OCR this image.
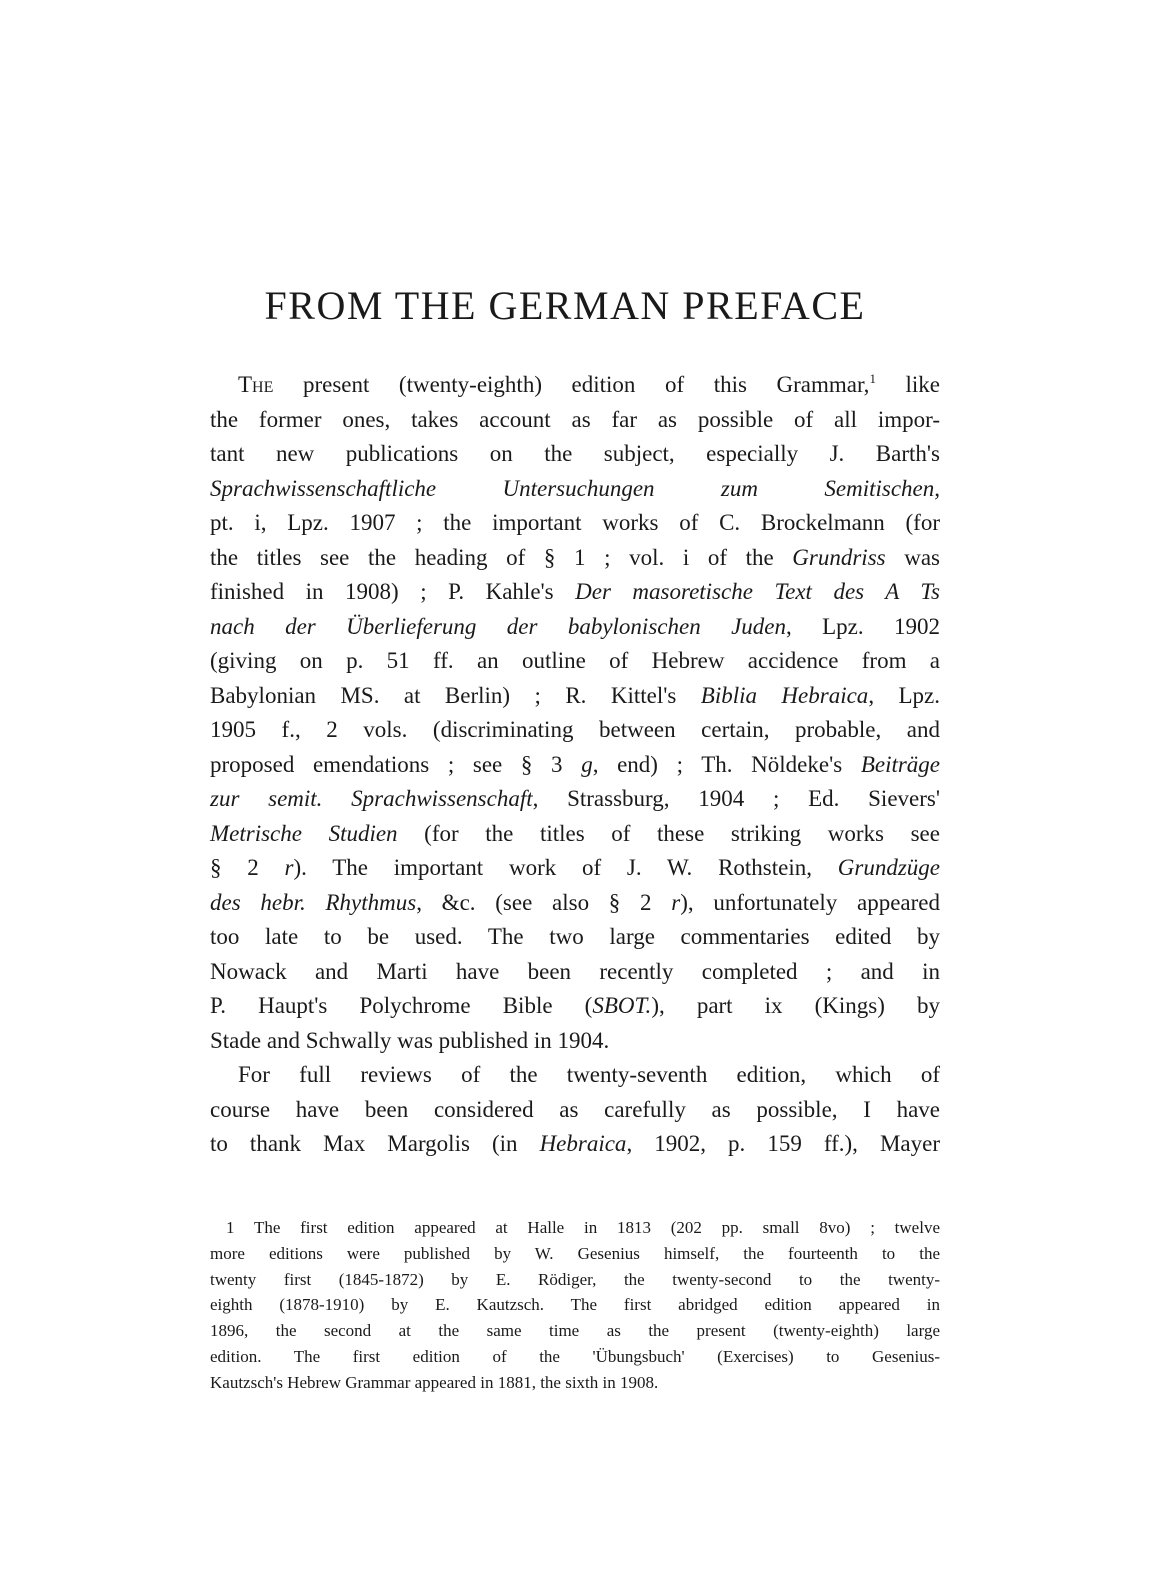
FROM THE GERMAN PREFACE
The present (twenty-eighth) edition of this Grammar,$^1$ like
the former ones, takes account as far as possible of all impor-
tant new publications on the subject, especially J. Barth's
Sprachwissenschaftliche Untersuchungen zum Semitischen,
pt. i, Lpz. 1907 ; the important works of C. Brockelmann (for
the titles see the heading of § 1 ; vol. i of the Grundriss was
finished in 1908) ; P. Kahle's Der masoretische Text des A Ts
nach der Überlieferung der babylonischen Juden, Lpz. 1902
(giving on p. 51 ff. an outline of Hebrew accidence from a
Babylonian MS. at Berlin) ; R. Kittel's Biblia Hebraica, Lpz.
1905 f., 2 vols. (discriminating between certain, probable, and
proposed emendations ; see § 3 g, end) ; Th. Nöldeke's Beiträge
zur semit. Sprachwissenschaft, Strassburg, 1904 ; Ed. Sievers'
Metrische Studien (for the titles of these striking works see
§ 2 r). The important work of J. W. Rothstein, Grundzüge
des hebr. Rhythmus, &c. (see also § 2 r), unfortunately appeared
too late to be used. The two large commentaries edited by
Nowack and Marti have been recently completed ; and in
P. Haupt's Polychrome Bible (SBOT.), part ix (Kings) by
Stade and Schwally was published in 1904.
For full reviews of the twenty-seventh edition, which of
course have been considered as carefully as possible, I have
to thank Max Margolis (in Hebraica, 1902, p. 159 ff.), Mayer
1 The first edition appeared at Halle in 1813 (202 pp. small 8vo) ; twelve
more editions were published by W. Gesenius himself, the fourteenth to the
twenty first (1845-1872) by E. Rödiger, the twenty-second to the twenty-
eighth (1878-1910) by E. Kautzsch. The first abridged edition appeared in
1896, the second at the same time as the present (twenty-eighth) large
edition. The first edition of the 'Übungsbuch' (Exercises) to Gesenius-
Kautzsch's Hebrew Grammar appeared in 1881, the sixth in 1908.
